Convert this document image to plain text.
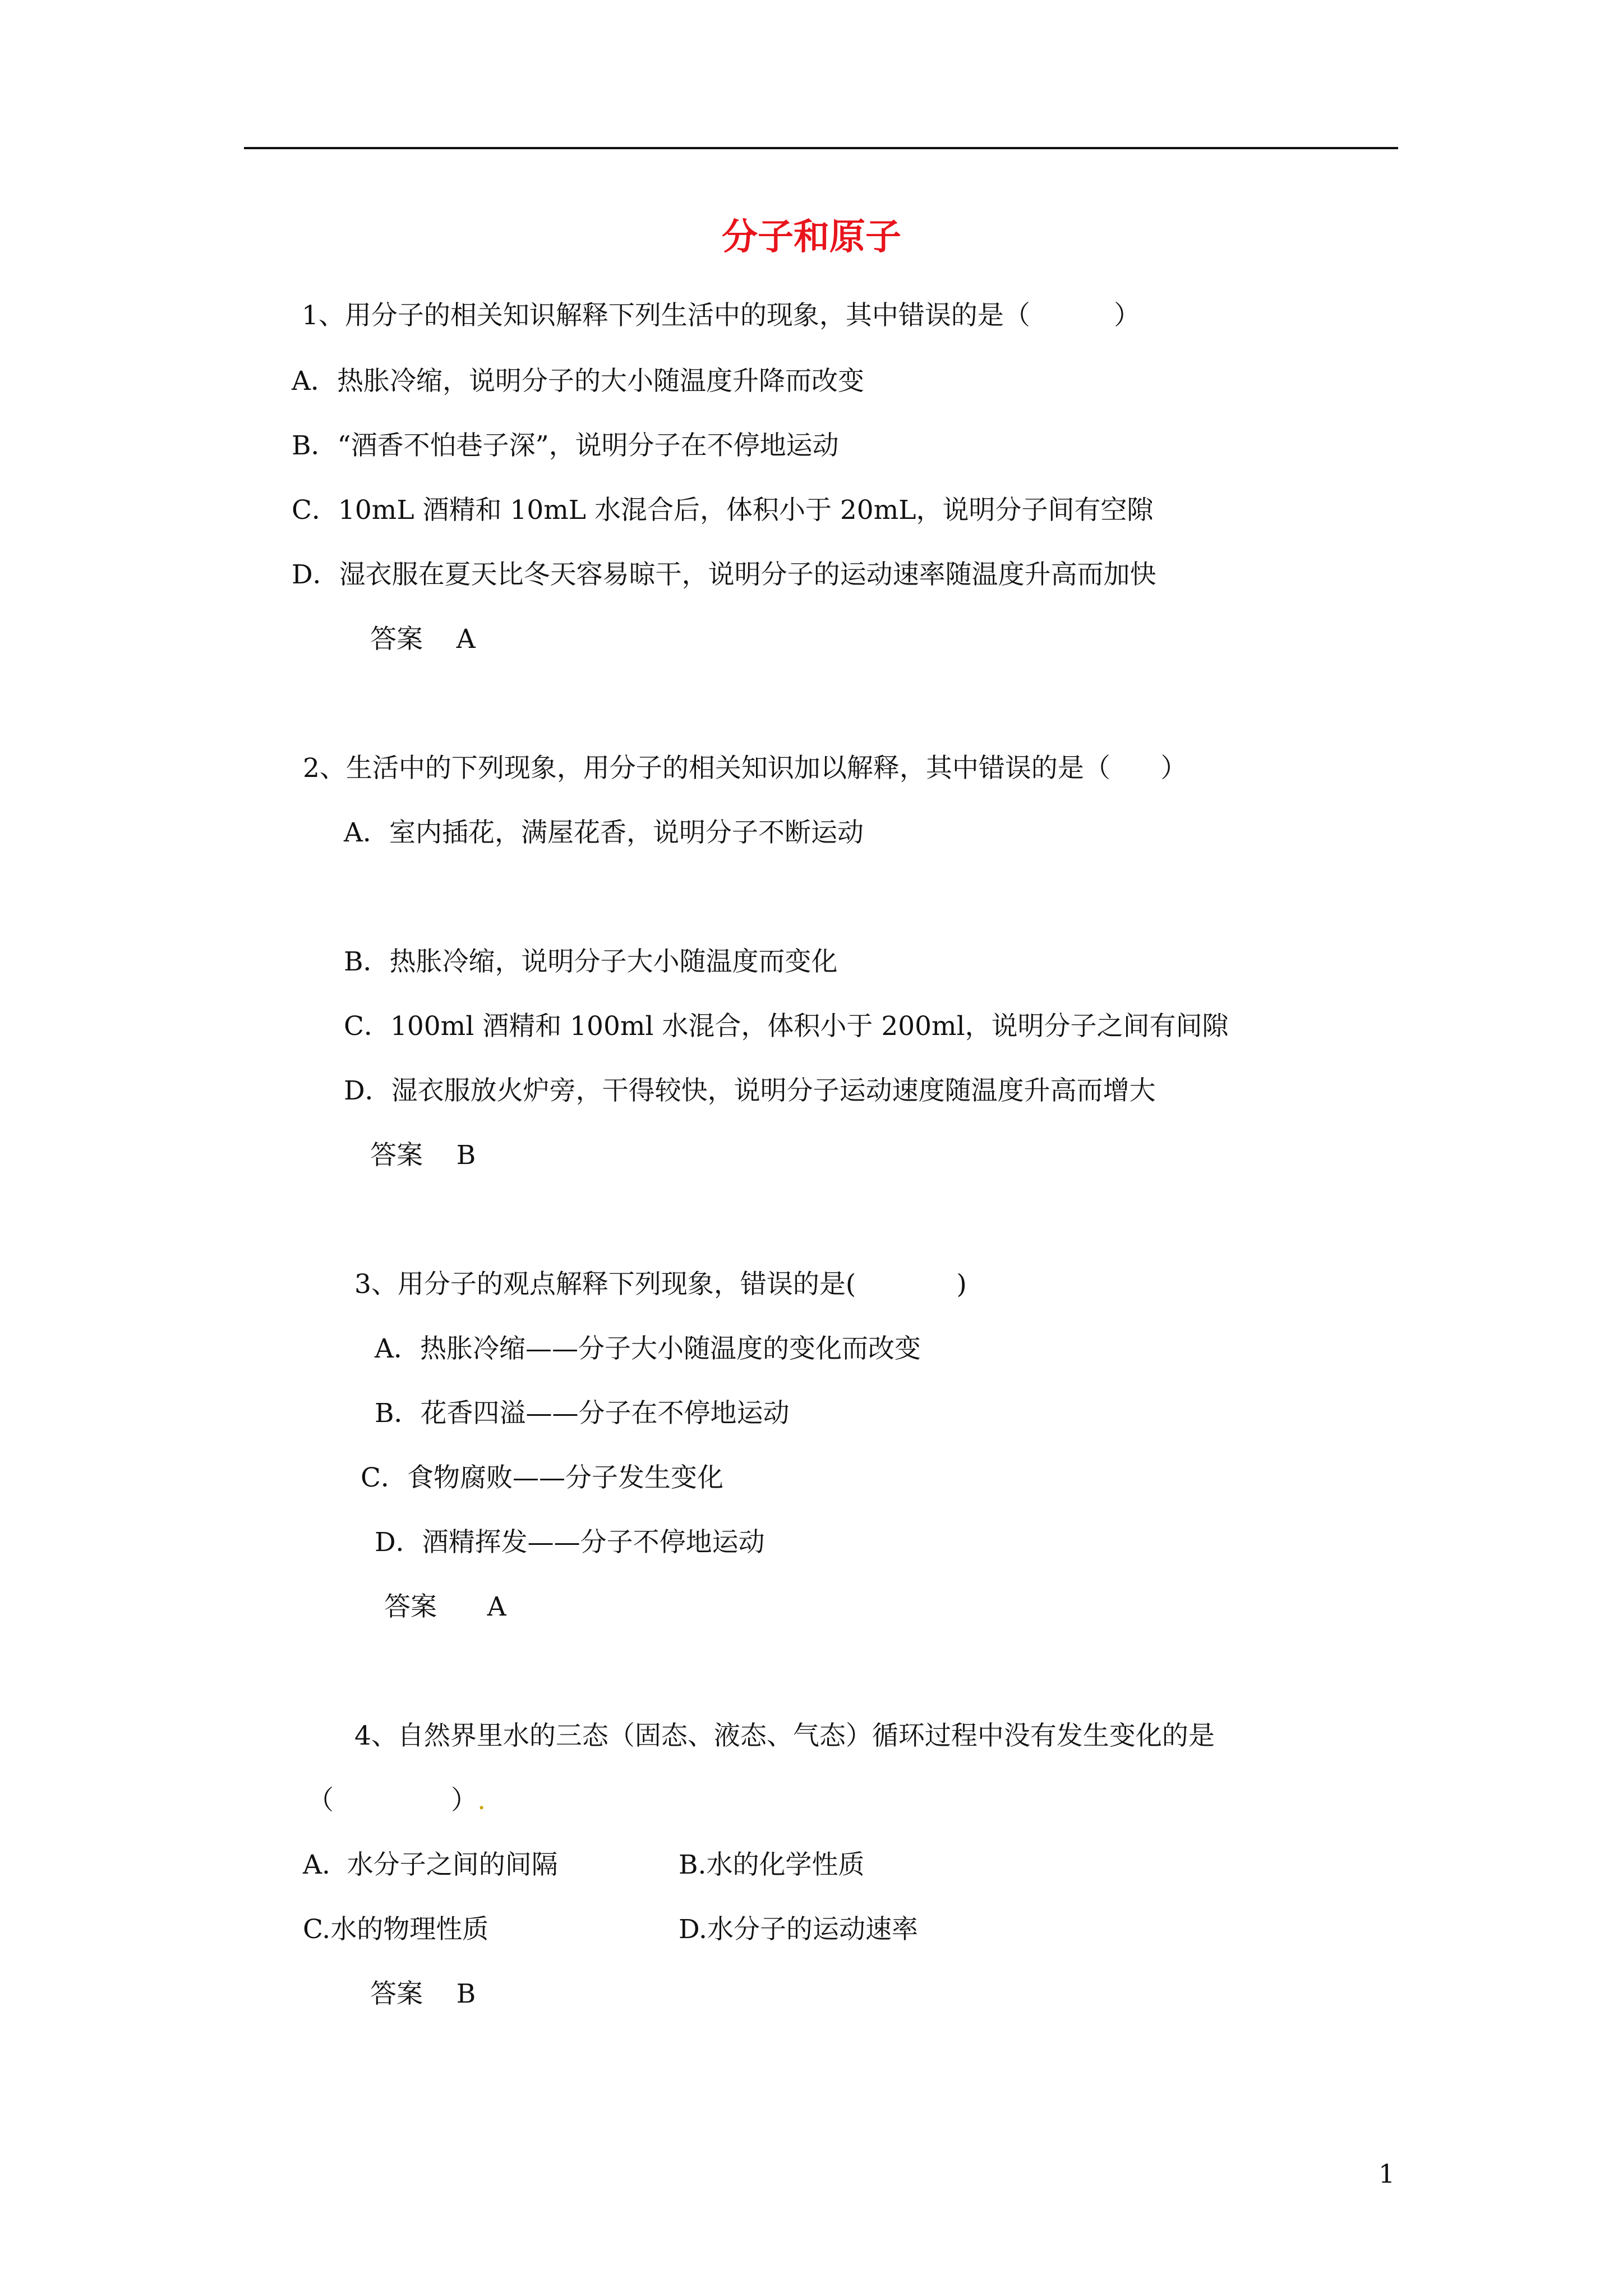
分子和原子
1、用分子的相关知识解释下列生活中的现象，其中错误的是（          ）
A．热胀冷缩，说明分子的大小随温度升降而改变
B．“酒香不怕巷子深”，说明分子在不停地运动
C．10mL 酒精和 10mL 水混合后，体积小于 20mL，说明分子间有空隙
D．湿衣服在夏天比冬天容易晾干，说明分子的运动速率随温度升高而加快
答案    A
2、生活中的下列现象，用分子的相关知识加以解释，其中错误的是（      ）
A．室内插花，满屋花香，说明分子不断运动
B．热胀冷缩，说明分子大小随温度而变化
C．100ml 酒精和 100ml 水混合，体积小于 200ml，说明分子之间有间隙
D．湿衣服放火炉旁，干得较快，说明分子运动速度随温度升高而增大
答案    B
3、用分子的观点解释下列现象，错误的是(            )
A．热胀冷缩——分子大小随温度的变化而改变
B．花香四溢——分子在不停地运动
C．食物腐败——分子发生变化
D．酒精挥发——分子不停地运动
答案      A
4、自然界里水的三态（固态、液态、气态）循环过程中没有发生变化的是
（              ）.
A.  水分子之间的间隔	B.水的化学性质
C.水的物理性质	D.水分子的运动速率
答案    B
1
